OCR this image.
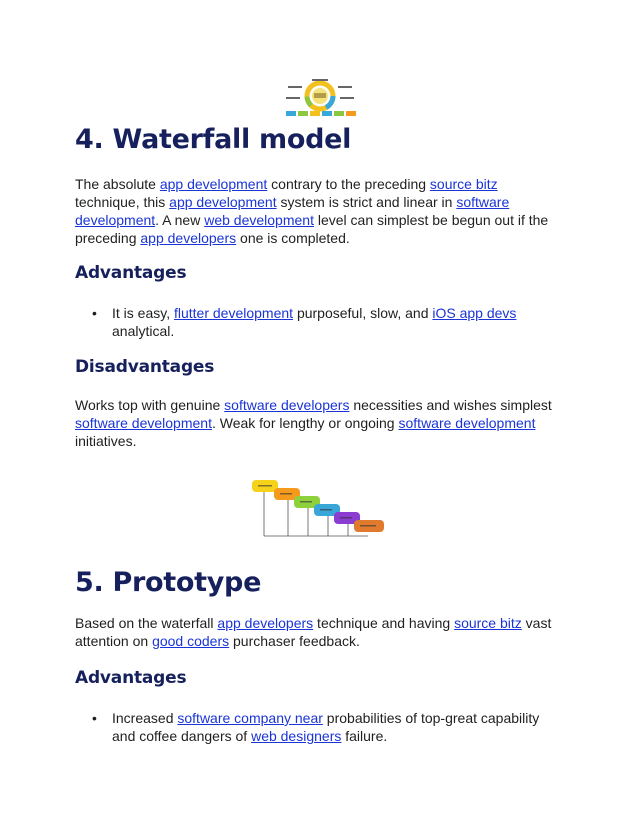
4. Waterfall model

The absolute app development contrary to the preceding source bitz technique, this app development system is strict and linear in software development. A new web development level can simplest be begun out if the preceding app developers one is completed.

Advantages
• It is easy, flutter development purposeful, slow, and iOS app devs analytical.
Disadvantages

Works top with genuine software developers necessities and wishes simplest software development. Weak for lengthy or ongoing software development initiatives.

5. Prototype

Based on the waterfall app developers technique and having source bitz vast attention on good coders purchaser feedback.

Advantages
• Increased software company near probabilities of top-great capability and coffee dangers of web designers failure.
